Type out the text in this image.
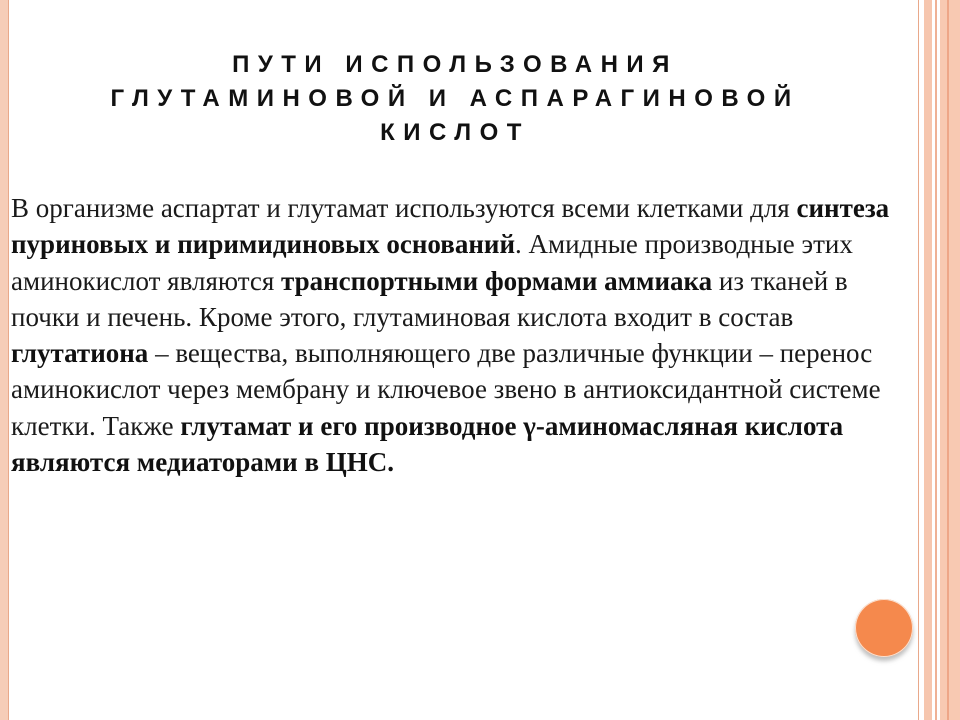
ПУТИ ИСПОЛЬЗОВАНИЯ
ГЛУТАМИНОВОЙ И АСПАРАГИНОВОЙ
КИСЛОТ
В организме аспартат и глутамат используются всеми клетками для синтеза пуриновых и пиримидиновых оснований. Амидные производные этих аминокислот являются транспортными формами аммиака из тканей в почки и печень. Кроме этого, глутаминовая кислота входит в состав глутатиона – вещества, выполняющего две различные функции – перенос аминокислот через мембрану и ключевое звено в антиоксидантной системе клетки. Также глутамат и его производное γ-аминомасляная кислота являются медиаторами в ЦНС.
